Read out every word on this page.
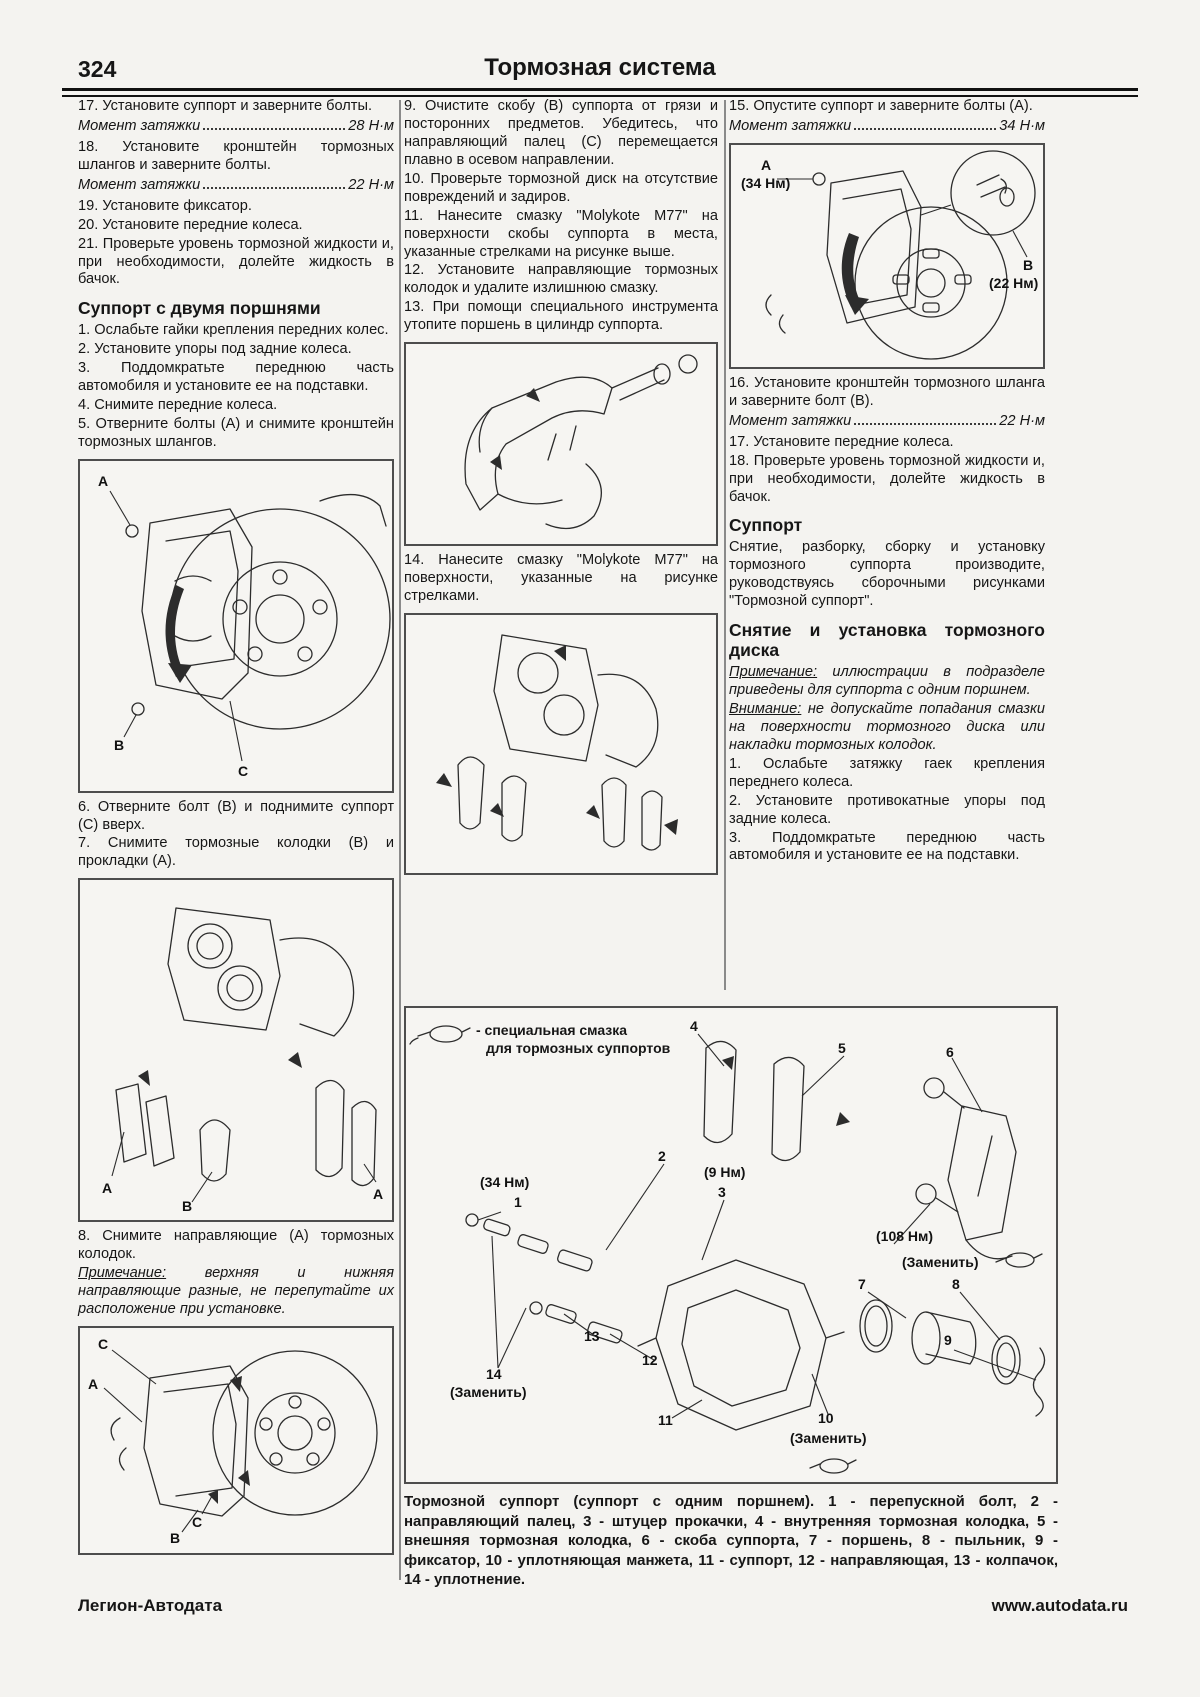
324	Тормозная система

17. Установите суппорт и заверните болты.

Момент затяжки	28 Н·м

18. Установите кронштейн тормозных шлангов и заверните болты.

Момент затяжки	22 Н·м

19. Установите фиксатор.

20. Установите передние колеса.

21. Проверьте уровень тормозной жидкости и, при необходимости, долейте жидкость в бачок.

Суппорт с двумя поршнями

1. Ослабьте гайки крепления передних колес.

2. Установите упоры под задние колеса.

3. Поддомкратьте переднюю часть автомобиля и установите ее на подставки.

4. Снимите передние колеса.

5. Отверните болты (А) и снимите кронштейн тормозных шлангов.

A
B
C

6. Отверните болт (В) и поднимите суппорт (С) вверх.

7. Снимите тормозные колодки (В) и прокладки (А).

А
В
А

8. Снимите направляющие (А) тормозных колодок.

Примечание: верхняя и нижняя направляющие разные, не перепутайте их расположение при установке.

C
A
C
B

9. Очистите скобу (В) суппорта от грязи и посторонних предметов. Убедитесь, что направляющий палец (С) перемещается плавно в осевом направлении.

10. Проверьте тормозной диск на отсутствие повреждений и задиров.

11. Нанесите смазку "Molykote M77" на поверхности скобы суппорта в места, указанные стрелками на рисунке выше.

12. Установите направляющие тормозных колодок и удалите излишнюю смазку.

13. При помощи специального инструмента утопите поршень в цилиндр суппорта.

14. Нанесите смазку "Molykote M77" на поверхности, указанные на рисунке стрелками.

15. Опустите суппорт и заверните болты (А).

Момент затяжки	34 Н·м
А
(34 Нм)
В
(22 Нм)

16. Установите кронштейн тормозного шланга и заверните болт (В).

Момент затяжки	22 Н·м

17. Установите передние колеса.

18. Проверьте уровень тормозной жидкости и, при необходимости, долейте жидкость в бачок.

Суппорт

Снятие, разборку, сборку и установку тормозного суппорта производите, руководствуясь сборочными рисунками "Тормозной суппорт".

Снятие и установка тормозного диска

Примечание: иллюстрации в подразделе приведены для суппорта с одним поршнем.

Внимание: не допускайте попадания смазки на поверхности тормозного диска или накладки тормозных колодок.

1. Ослабьте затяжку гаек крепления переднего колеса.

2. Установите противокатные упоры под задние колеса.

3. Поддомкратьте переднюю часть автомобиля и установите ее на подставки.

- специальная смазка
для тормозных суппортов
4
5	6
2
(9 Нм)
3
(34 Нм)
1
(108 Нм)
(Заменить)
7	8
9
13
12
14
(Заменить)
11	10
(Заменить)
Тормозной суппорт (суппорт с одним поршнем). 1 - перепускной болт, 2 - направляющий палец, 3 - штуцер прокачки, 4 - внутренняя тормозная колодка, 5 - внешняя тормозная колодка, 6 - скоба суппорта, 7 - поршень, 8 - пыльник, 9 - фиксатор, 10 - уплотняющая манжета, 11 - суппорт, 12 - направляющая, 13 - колпачок, 14 - уплотнение.
Легион-Автодата	www.autodata.ru
